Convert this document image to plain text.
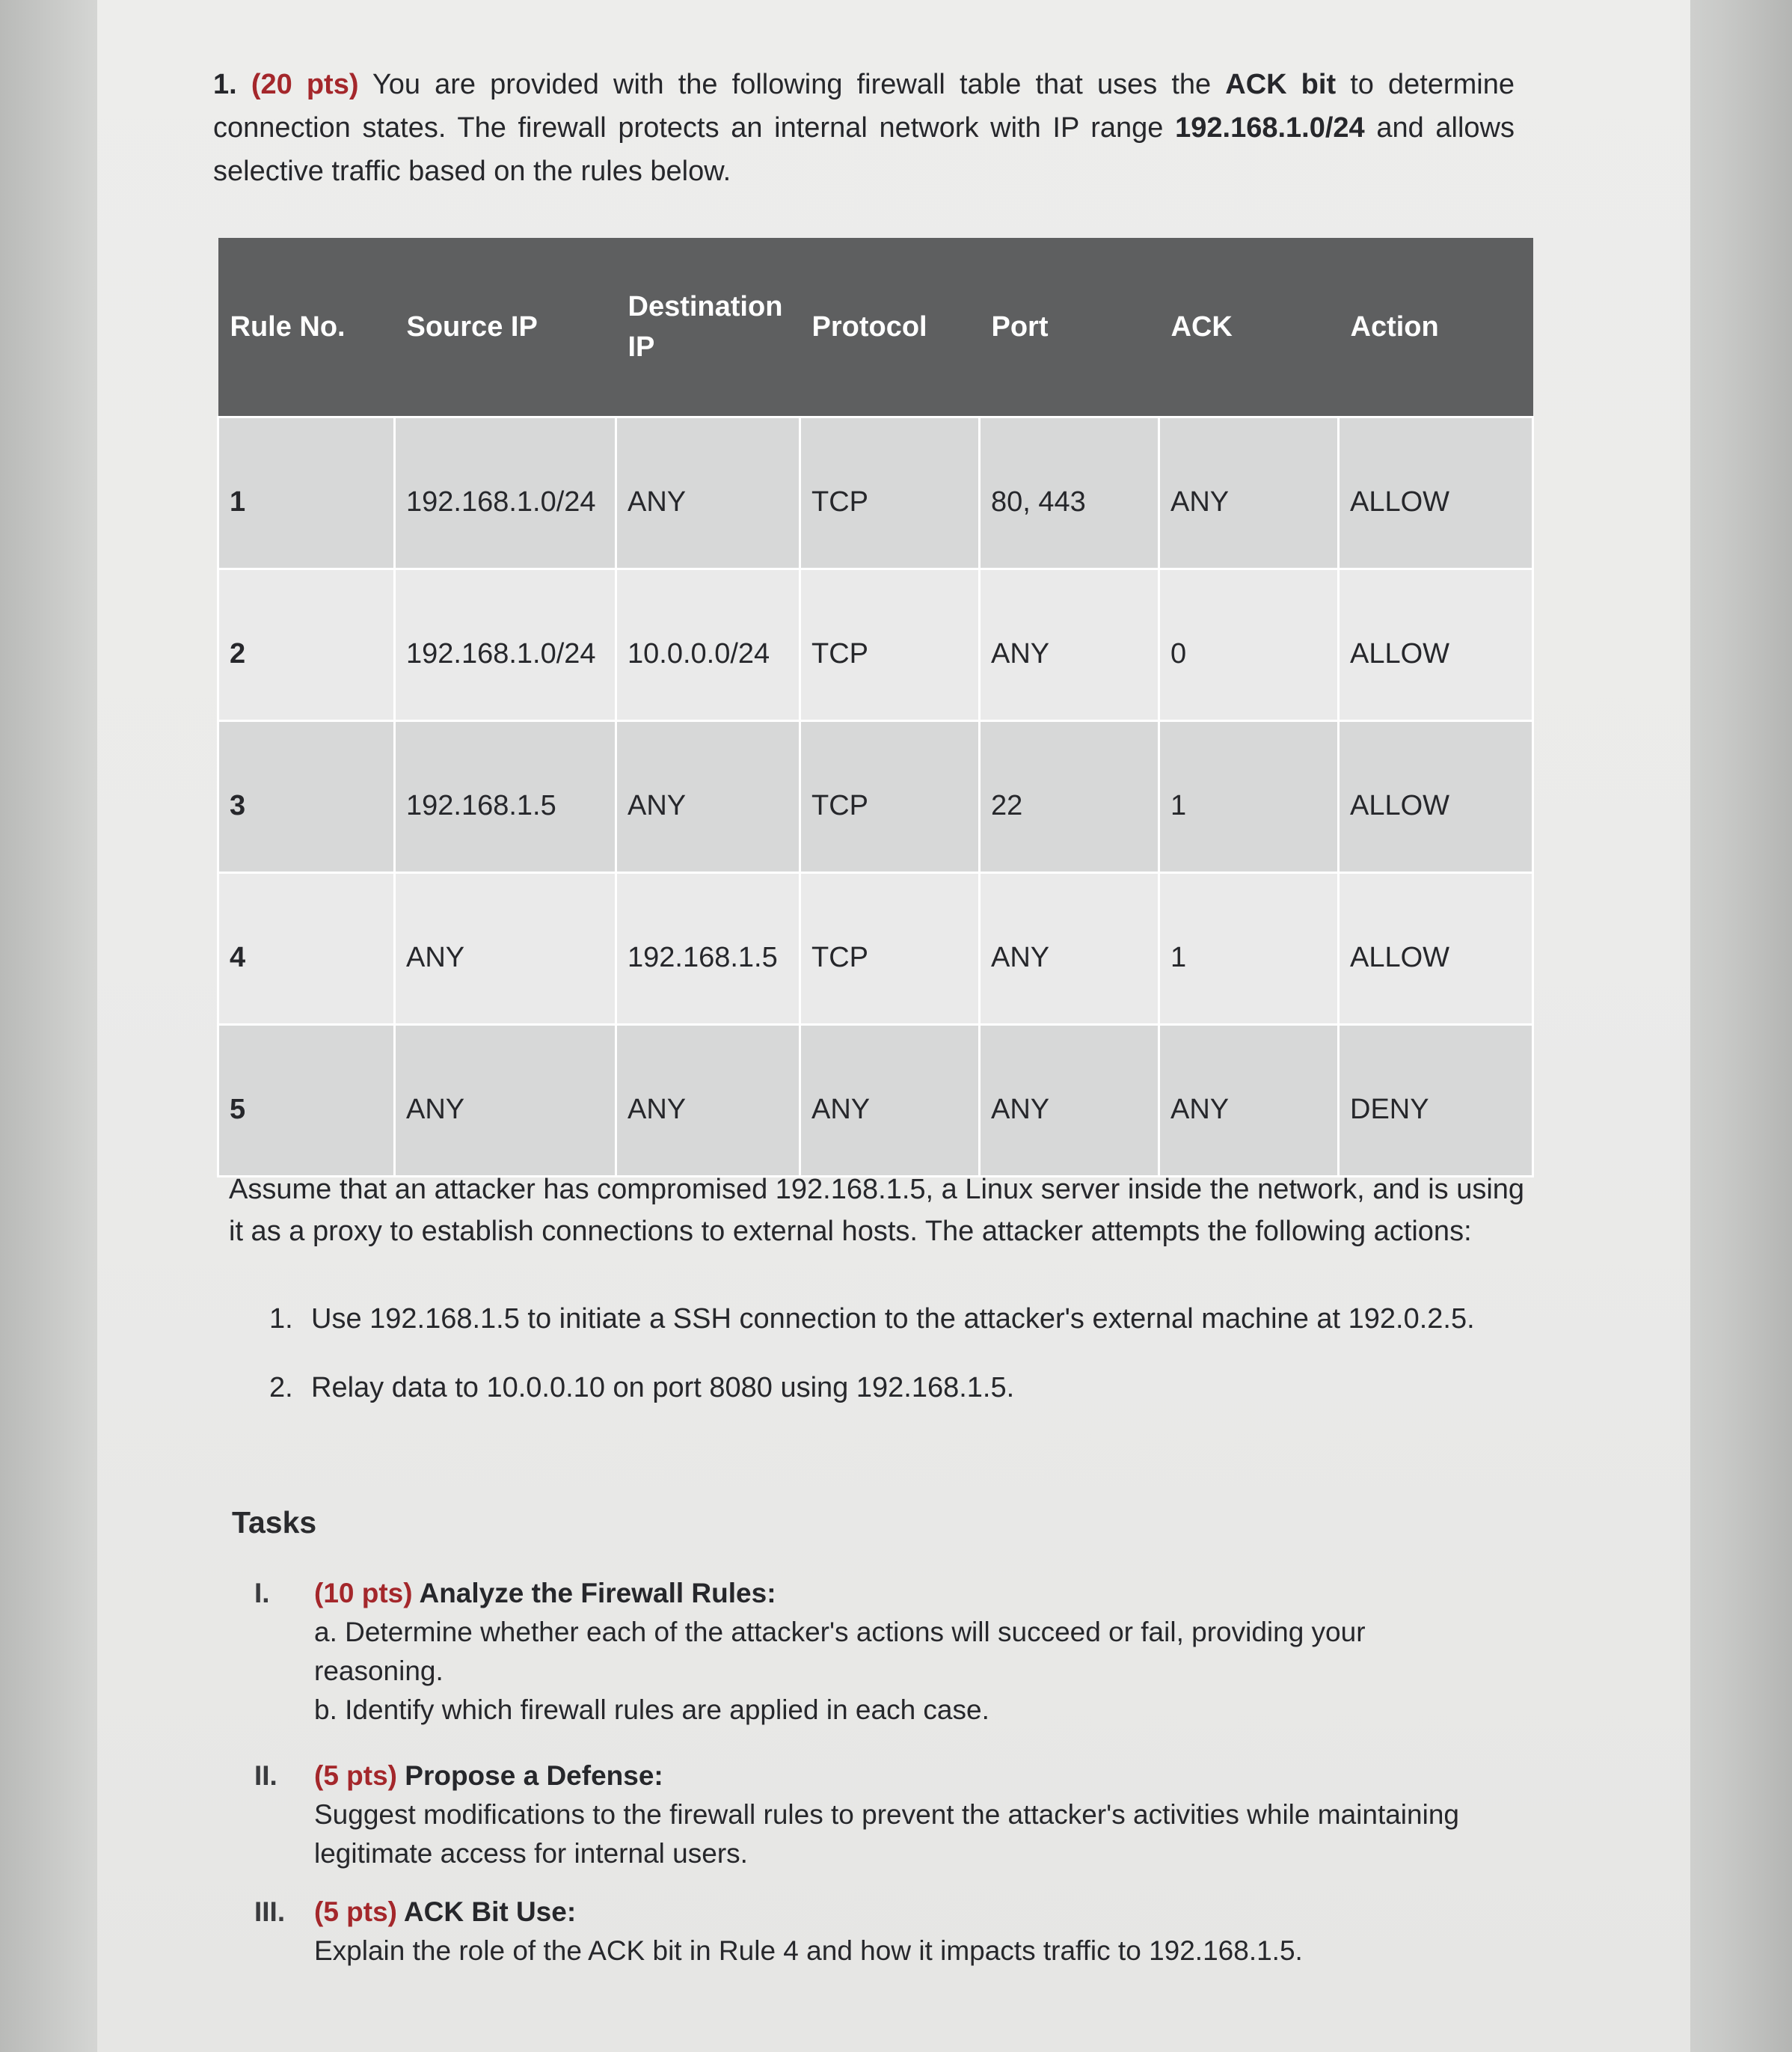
1. (20 pts) You are provided with the following firewall table that uses the ACK bit to determine connection states. The firewall protects an internal network with IP range 192.168.1.0/24 and allows selective traffic based on the rules below.
Rule No.	Source IP	Destination IP	Protocol	Port	ACK	Action
1	192.168.1.0/24	ANY	TCP	80, 443	ANY	ALLOW
2	192.168.1.0/24	10.0.0.0/24	TCP	ANY	0	ALLOW
3	192.168.1.5	ANY	TCP	22	1	ALLOW
4	ANY	192.168.1.5	TCP	ANY	1	ALLOW
5	ANY	ANY	ANY	ANY	ANY	DENY
Assume that an attacker has compromised 192.168.1.5, a Linux server inside the network, and is using it as a proxy to establish connections to external hosts. The attacker attempts the following actions:
1. Use 192.168.1.5 to initiate a SSH connection to the attacker's external machine at 192.0.2.5.
2. Relay data to 10.0.0.10 on port 8080 using 192.168.1.5.
Tasks
I. (10 pts) Analyze the Firewall Rules:
a. Determine whether each of the attacker's actions will succeed or fail, providing your reasoning.
b. Identify which firewall rules are applied in each case.
II. (5 pts) Propose a Defense:
Suggest modifications to the firewall rules to prevent the attacker's activities while maintaining legitimate access for internal users.
III. (5 pts) ACK Bit Use:
Explain the role of the ACK bit in Rule 4 and how it impacts traffic to 192.168.1.5.
